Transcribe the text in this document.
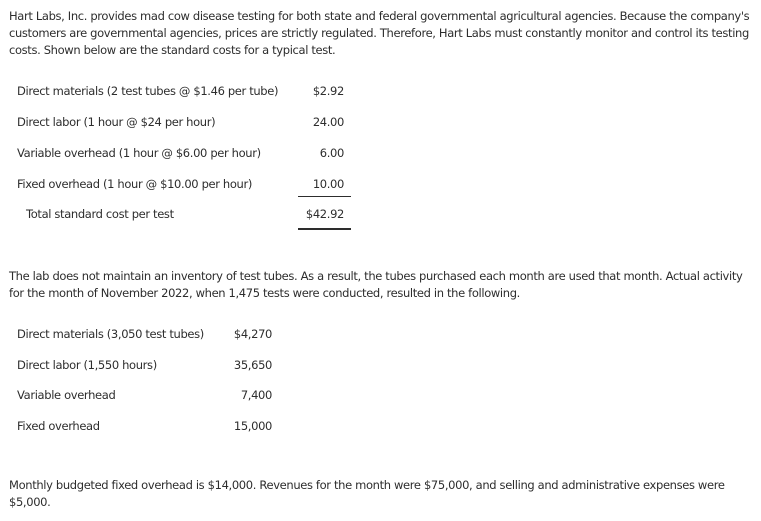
Hart Labs, Inc. provides mad cow disease testing for both state and federal governmental agricultural agencies. Because the company's customers are governmental agencies, prices are strictly regulated. Therefore, Hart Labs must constantly monitor and control its testing costs. Shown below are the standard costs for a typical test.

Direct materials (2 test tubes @ $1.46 per tube)	$2.92
Direct labor (1 hour @ $24 per hour)	24.00
Variable overhead (1 hour @ $6.00 per hour)	6.00
Fixed overhead (1 hour @ $10.00 per hour)	10.00
Total standard cost per test	$42.92

The lab does not maintain an inventory of test tubes. As a result, the tubes purchased each month are used that month. Actual activity for the month of November 2022, when 1,475 tests were conducted, resulted in the following.

Direct materials (3,050 test tubes)	$4,270
Direct labor (1,550 hours)	35,650
Variable overhead	7,400
Fixed overhead	15,000

Monthly budgeted fixed overhead is $14,000. Revenues for the month were $75,000, and selling and administrative expenses were $5,000.
